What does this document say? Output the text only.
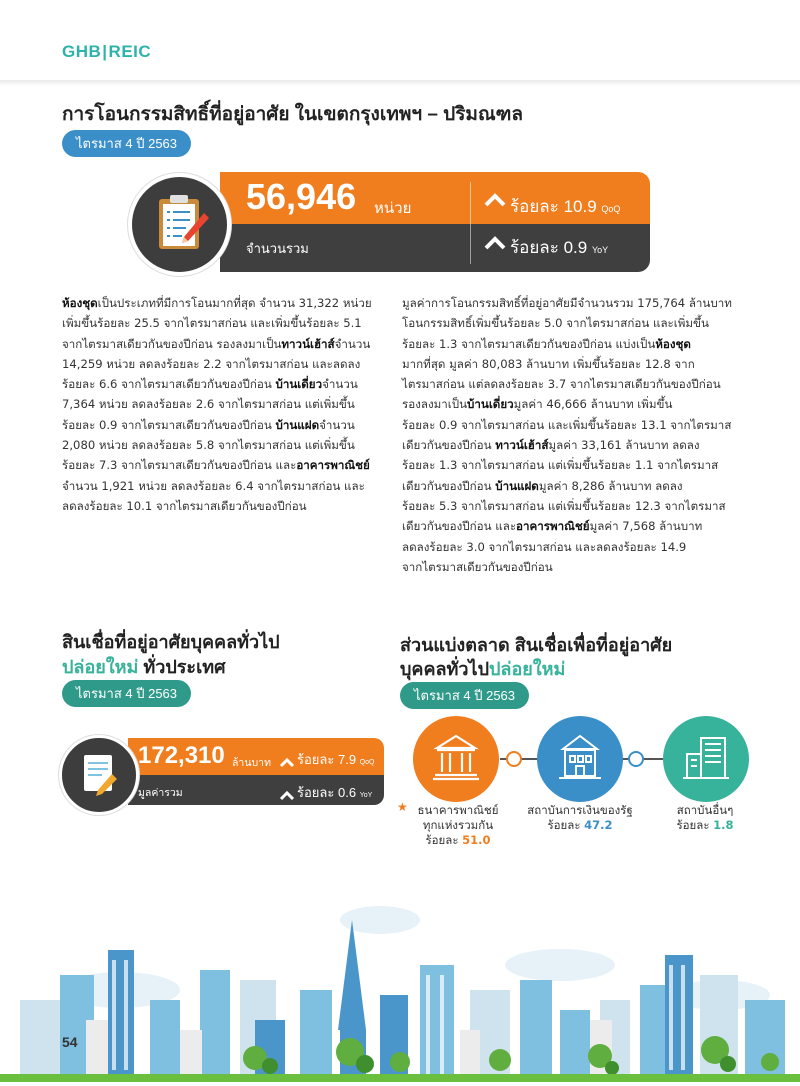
GHB|REIC
การโอนกรรมสิทธิ์ที่อยู่อาศัย ในเขตกรุงเทพฯ – ปริมณฑล
ไตรมาส 4 ปี 2563
56,946 หน่วย
จำนวนรวม
ร้อยละ 10.9 QoQ
ร้อยละ 0.9 YoY
ห้องชุดเป็นประเภทที่มีการโอนมากที่สุด จำนวน 31,322 หน่วย
เพิ่มขึ้นร้อยละ 25.5 จากไตรมาสก่อน และเพิ่มขึ้นร้อยละ 5.1
จากไตรมาสเดียวกันของปีก่อน รองลงมาเป็นทาวน์เฮ้าส์จำนวน
14,259 หน่วย ลดลงร้อยละ 2.2 จากไตรมาสก่อน และลดลง
ร้อยละ 6.6 จากไตรมาสเดียวกันของปีก่อน บ้านเดี่ยวจำนวน
7,364 หน่วย ลดลงร้อยละ 2.6 จากไตรมาสก่อน แต่เพิ่มขึ้น
ร้อยละ 0.9 จากไตรมาสเดียวกันของปีก่อน บ้านแฝดจำนวน
2,080 หน่วย ลดลงร้อยละ 5.8 จากไตรมาสก่อน แต่เพิ่มขึ้น
ร้อยละ 7.3 จากไตรมาสเดียวกันของปีก่อน และอาคารพาณิชย์
จำนวน 1,921 หน่วย ลดลงร้อยละ 6.4 จากไตรมาสก่อน และ
ลดลงร้อยละ 10.1 จากไตรมาสเดียวกันของปีก่อน
มูลค่าการโอนกรรมสิทธิ์ที่อยู่อาศัยมีจำนวนรวม 175,764 ล้านบาท
โอนกรรมสิทธิ์เพิ่มขึ้นร้อยละ 5.0 จากไตรมาสก่อน และเพิ่มขึ้น
ร้อยละ 1.3 จากไตรมาสเดียวกันของปีก่อน แบ่งเป็นห้องชุด
มากที่สุด มูลค่า 80,083 ล้านบาท เพิ่มขึ้นร้อยละ 12.8 จาก
ไตรมาสก่อน แต่ลดลงร้อยละ 3.7 จากไตรมาสเดียวกันของปีก่อน
รองลงมาเป็นบ้านเดี่ยวมูลค่า 46,666 ล้านบาท เพิ่มขึ้น
ร้อยละ 0.9 จากไตรมาสก่อน และเพิ่มขึ้นร้อยละ 13.1 จากไตรมาส
เดียวกันของปีก่อน ทาวน์เฮ้าส์มูลค่า 33,161 ล้านบาท ลดลง
ร้อยละ 1.3 จากไตรมาสก่อน แต่เพิ่มขึ้นร้อยละ 1.1 จากไตรมาส
เดียวกันของปีก่อน บ้านแฝดมูลค่า 8,286 ล้านบาท ลดลง
ร้อยละ 5.3 จากไตรมาสก่อน แต่เพิ่มขึ้นร้อยละ 12.3 จากไตรมาส
เดียวกันของปีก่อน และอาคารพาณิชย์มูลค่า 7,568 ล้านบาท
ลดลงร้อยละ 3.0 จากไตรมาสก่อน และลดลงร้อยละ 14.9
จากไตรมาสเดียวกันของปีก่อน
สินเชื่อที่อยู่อาศัยบุคคลทั่วไป
ปล่อยใหม่ ทั่วประเทศ
ไตรมาส 4 ปี 2563
172,310 ล้านบาท
มูลค่ารวม
ร้อยละ 7.9 QoQ
ร้อยละ 0.6 YoY
ส่วนแบ่งตลาด สินเชื่อเพื่อที่อยู่อาศัย
บุคคลทั่วไปปล่อยใหม่
ไตรมาส 4 ปี 2563
★ ธนาคารพาณิชย์
ทุกแห่งรวมกัน
ร้อยละ 51.0
สถาบันการเงินของรัฐ
ร้อยละ 47.2
สถาบันอื่นๆ
ร้อยละ 1.8
54
